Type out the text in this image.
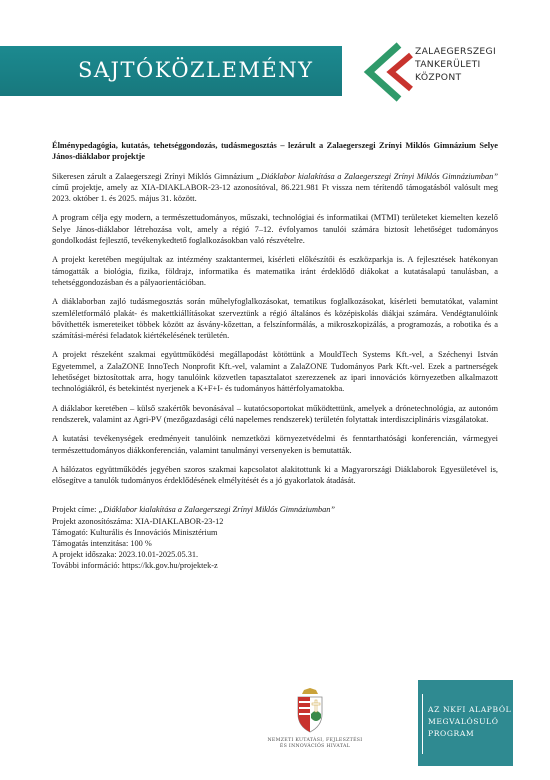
SAJTÓKÖZLEMÉNY
ZALAEGERSZEGI
TANKERÜLETI
KÖZPONT

Élménypedagógia, kutatás, tehetséggondozás, tudásmegosztás – lezárult a Zalaegerszegi Zrínyi Miklós Gimnázium Selye János-diáklabor projektje

Sikeresen zárult a Zalaegerszegi Zrínyi Miklós Gimnázium „Diáklabor kialakítása a Zalaegerszegi Zrínyi Miklós Gimnáziumban” című projektje, amely az XIA-DIAKLABOR-23-12 azonosítóval, 86.221.981 Ft vissza nem térítendő támogatásból valósult meg 2023. október 1. és 2025. május 31. között.

A program célja egy modern, a természettudományos, műszaki, technológiai és informatikai (MTMI) területeket kiemelten kezelő Selye János-diáklabor létrehozása volt, amely a régió 7–12. évfolyamos tanulói számára biztosít lehetőséget tudományos gondolkodást fejlesztő, tevékenykedtető foglalkozásokban való részvételre.

A projekt keretében megújultak az intézmény szaktantermei, kísérleti előkészítői és eszközparkja is. A fejlesztések hatékonyan támogatták a biológia, fizika, földrajz, informatika és matematika iránt érdeklődő diákokat a kutatásalapú tanulásban, a tehetséggondozásban és a pályaorientációban.

A diáklaborban zajló tudásmegosztás során műhelyfoglalkozásokat, tematikus foglalkozásokat, kísérleti bemutatókat, valamint szemléletformáló plakát- és makettkiállításokat szerveztünk a régió általános és középiskolás diákjai számára. Vendégtanulóink bővíthették ismereteiket többek között az ásvány-kőzettan, a felszínformálás, a mikroszkopizálás, a programozás, a robotika és a számítási-mérési feladatok kiértékelésének területén.

A projekt részeként szakmai együttműködési megállapodást kötöttünk a MouldTech Systems Kft.-vel, a Széchenyi István Egyetemmel, a ZalaZONE InnoTech Nonprofit Kft.-vel, valamint a ZalaZONE Tudományos Park Kft.-vel. Ezek a partnerségek lehetőséget biztosítottak arra, hogy tanulóink közvetlen tapasztalatot szerezzenek az ipari innovációs környezetben alkalmazott technológiákról, és betekintést nyerjenek a K+F+I- és tudományos háttérfolyamatokba.

A diáklabor keretében – külső szakértők bevonásával – kutatócsoportokat működtettünk, amelyek a drónetechnológia, az autonóm rendszerek, valamint az Agri-PV (mezőgazdasági célú napelemes rendszerek) területén folytattak interdiszciplináris vizsgálatokat.

A kutatási tevékenységek eredményeit tanulóink nemzetközi környezetvédelmi és fenntarthatósági konferencián, vármegyei természettudományos diákkonferencián, valamint tanulmányi versenyeken is bemutatták.

A hálózatos együttműködés jegyében szoros szakmai kapcsolatot alakitottunk ki a Magyarországi Diáklaborok Egyesületével is, elősegítve a tanulók tudományos érdeklődésének elmélyítését és a jó gyakorlatok átadását.

Projekt címe: „Diáklabor kialakítása a Zalaegerszegi Zrínyi Miklós Gimnáziumban”
Projekt azonosítószáma: XIA-DIAKLABOR-23-12
Támogató: Kulturális és Innovációs Minisztérium
Támogatás intenzitása: 100 %
A projekt időszaka: 2023.10.01-2025.05.31.
További információ: https://kk.gov.hu/projektek-z
NEMZETI KUTATÁSI, FEJLESZTÉSI
ÉS INNOVÁCIÓS HIVATAL
AZ NKFI ALAPBÓL
MEGVALÓSULÓ
PROGRAM
